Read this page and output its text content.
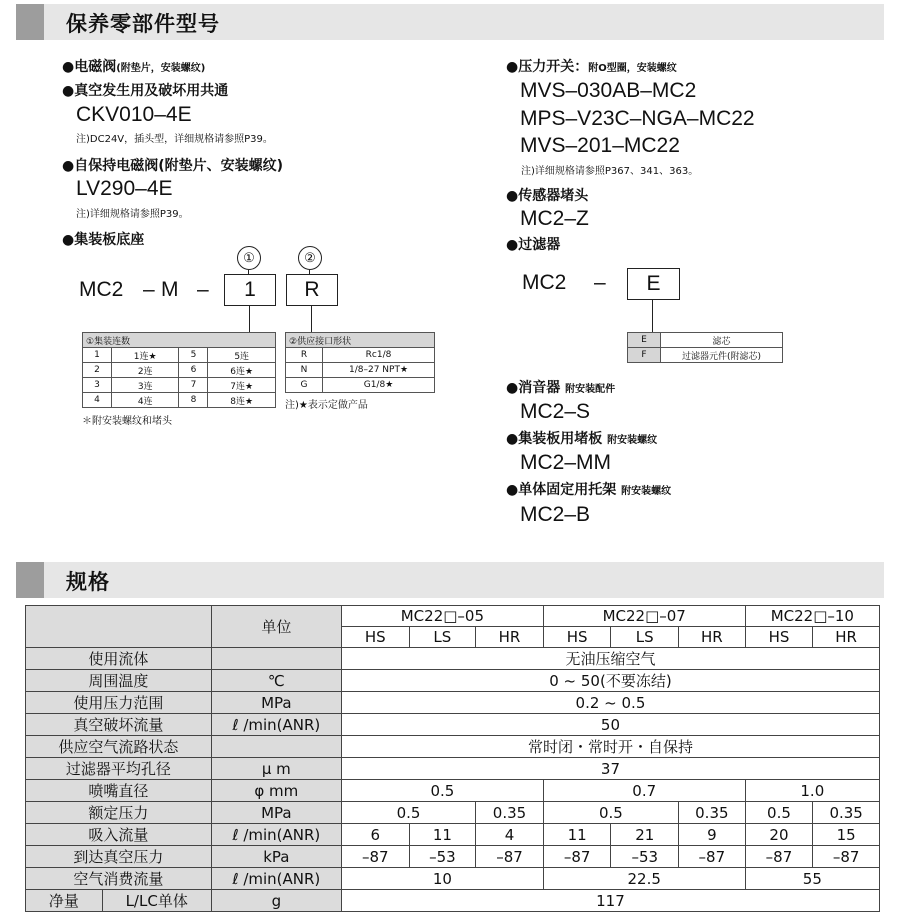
保养零部件型号
●电磁阀(附垫片，安装螺纹)
●真空发生用及破坏用共通
CKV010–4E
注)DC24V，插头型，详细规格请参照P39。
●自保持电磁阀(附垫片、安装螺纹)
LV290–4E
注)详细规格请参照P39。
●集装板底座
①	②
MC2 – M –	1	R
①集装连数			
1	1连★	5	5连
2	2连	6	6连★
3	3连	7	7连★
4	4连	8	8连★
＊附安装螺纹和堵头
②供应接口形状	
R	Rc1/8
N	1/8–27 NPT★
G	G1/8★
注)★表示定做产品
●压力开关：附O型圈，安装螺纹
MVS–030AB–MC2
MPS–V23C–NGA–MC22
MVS–201–MC22
注)详细规格请参照P367、341、363。
●传感器堵头
MC2–Z
●过滤器
MC2 –	E
E	滤芯
F	过滤器元件(附滤芯)
●消音器 附安装配件
MC2–S
●集装板用堵板 附安装螺纹
MC2–MM
●单体固定用托架 附安装螺纹
MC2–B
规格
		单位	MC22□–05			MC22□–07			MC22□–10	
			HS	LS	HR	HS	LS	HR	HS	HR
使用流体			无油压缩空气							
周围温度		℃	0 ~ 50(不要冻结)							
使用压力范围		MPa	0.2 ~ 0.5							
真空破坏流量		ℓ /min(ANR)	50							
供应空气流路状态			常时闭・常时开・自保持							
过滤器平均孔径		μ m	37							
喷嘴直径		φ mm	0.5			0.7			1.0	
额定压力		MPa	0.5		0.35	0.5		0.35	0.5	0.35
吸入流量		ℓ /min(ANR)	6	11	4	11	21	9	20	15
到达真空压力		kPa	–87	–53	–87	–87	–53	–87	–87	–87
空气消费流量		ℓ /min(ANR)	10			22.5			55	
净量	L/LC单体	g	117							
